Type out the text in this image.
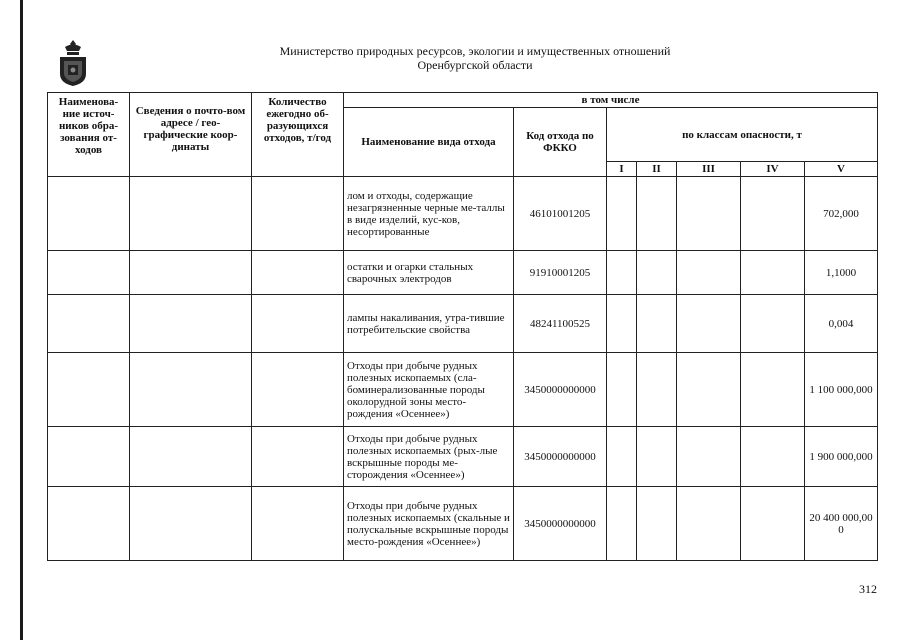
Министерство природных ресурсов, экологии и имущественных отношений
Оренбургской области
Наименова-ние источ-ников обра-зования от-ходов	Сведения о почто-вом адресе / гео-графические коор-динаты	Количество ежегодно об-разующихся отходов, т/год	в том числе						
			Наименование вида отхода	Код отхода по ФККО	по классам опасности, т				
					I	II	III	IV	V
			лом и отходы, содержащие незагрязненные черные ме-таллы в виде изделий, кус-ков, несортированные	46101001205					702,000
			остатки и огарки стальных сварочных электродов	91910001205					1,1000
			лампы накаливания, утра-тившие потребительские свойства	48241100525					0,004
			Отходы при добыче рудных полезных ископаемых (сла-боминерализованные породы околорудной зоны место-рождения «Осеннее»)	3450000000000					1 100 000,000
			Отходы при добыче рудных полезных ископаемых (рых-лые вскрышные породы ме-сторождения «Осеннее»)	3450000000000					1 900 000,000
			Отходы при добыче рудных полезных ископаемых (скальные и полускальные вскрышные породы место-рождения «Осеннее»)	3450000000000					20 400 000,000
312
